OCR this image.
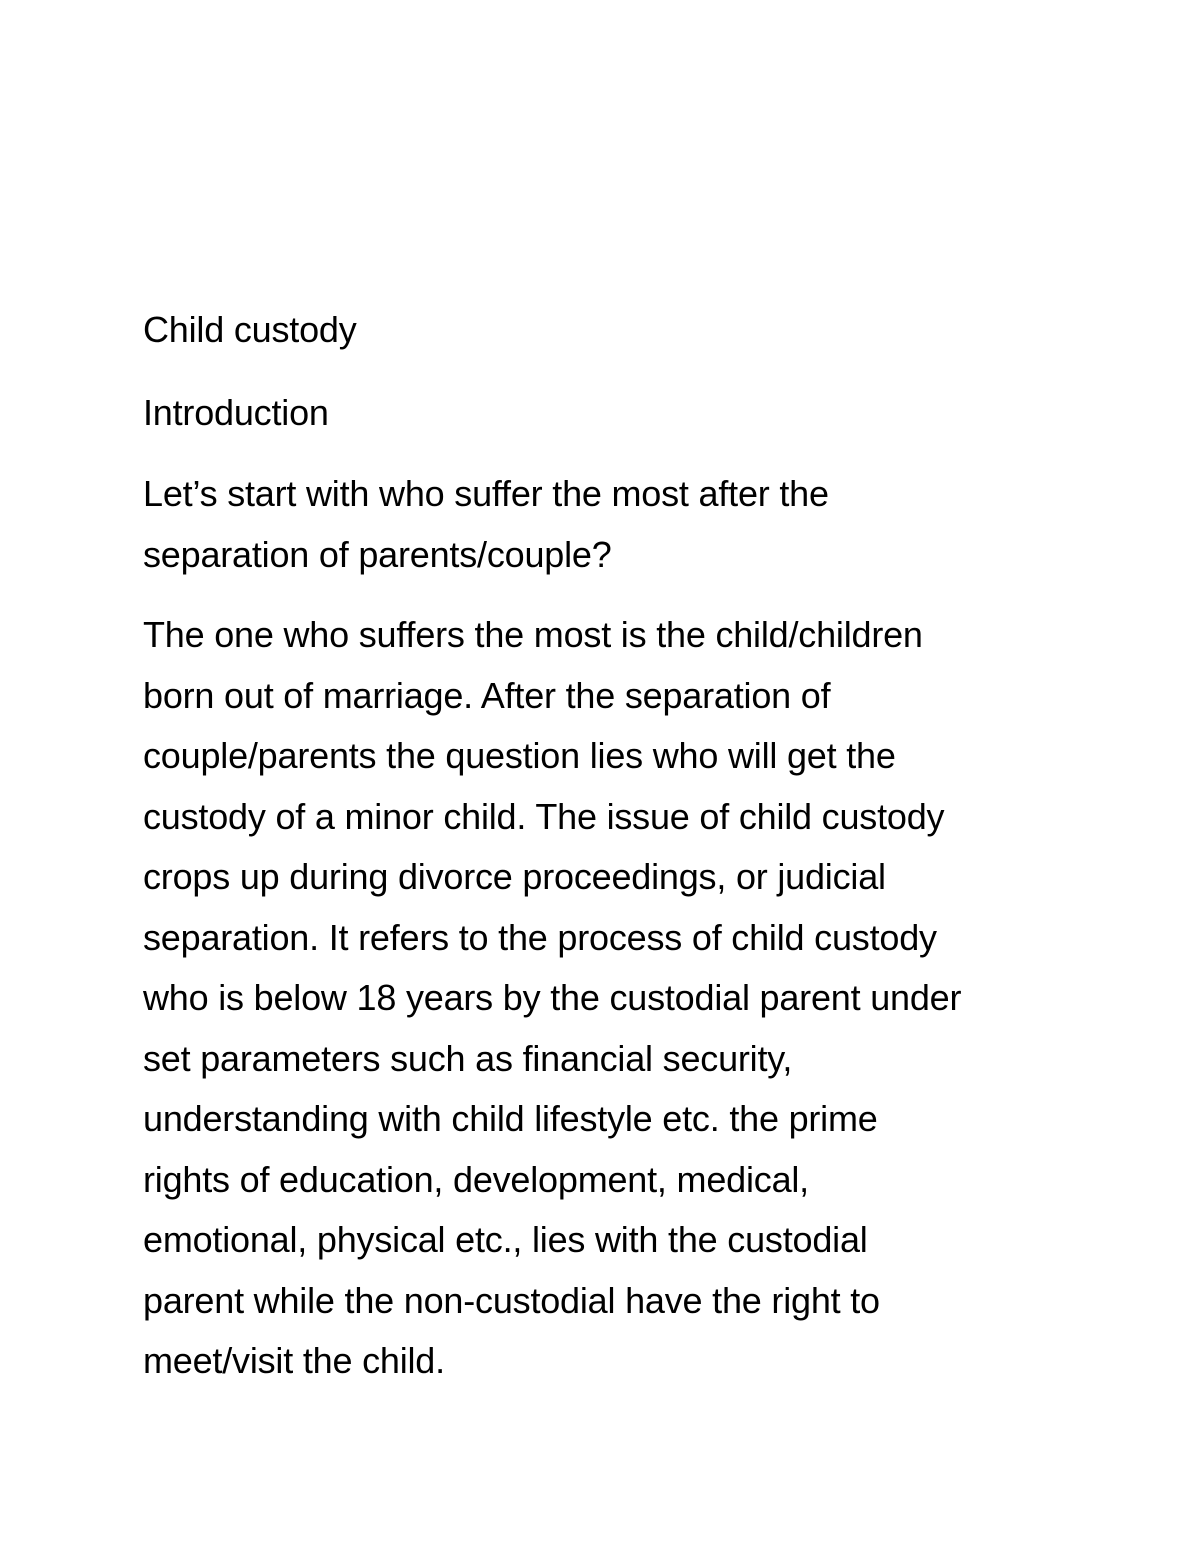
Child custody

Introduction

Let’s start with who suffer the most after the
separation of parents/couple?

The one who suffers the most is the child/children
born out of marriage. After the separation of
couple/parents the question lies who will get the
custody of a minor child. The issue of child custody
crops up during divorce proceedings, or judicial
separation. It refers to the process of child custody
who is below 18 years by the custodial parent under
set parameters such as financial security,
understanding with child lifestyle etc. the prime
rights of education, development, medical,
emotional, physical etc., lies with the custodial
parent while the non-custodial have the right to
meet/visit the child.
